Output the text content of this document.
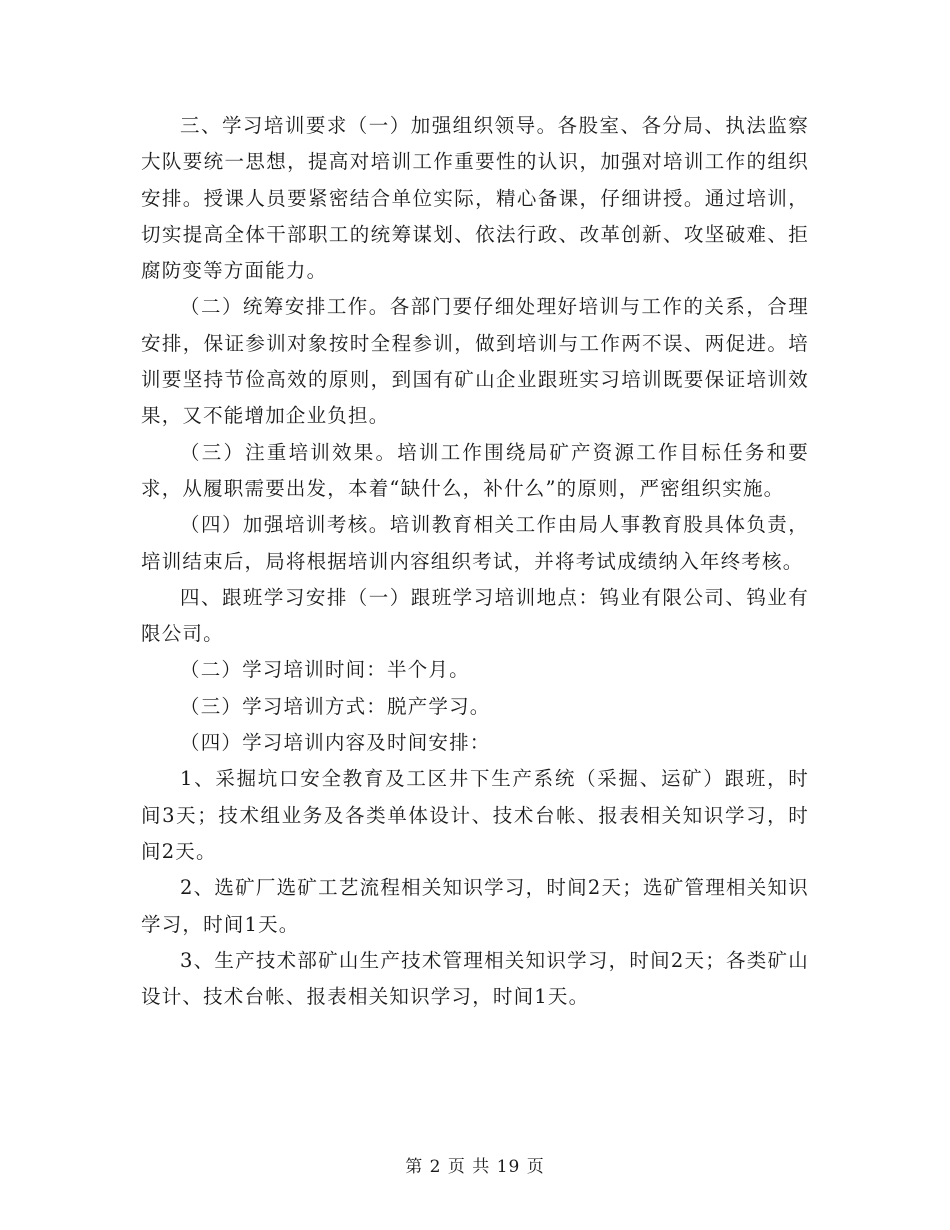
三、学习培训要求（一）加强组织领导。各股室、各分局、执法监察大队要统一思想，提高对培训工作重要性的认识，加强对培训工作的组织安排。授课人员要紧密结合单位实际，精心备课，仔细讲授。通过培训，切实提高全体干部职工的统筹谋划、依法行政、改革创新、攻坚破难、拒腐防变等方面能力。

（二）统筹安排工作。各部门要仔细处理好培训与工作的关系，合理安排，保证参训对象按时全程参训，做到培训与工作两不误、两促进。培训要坚持节俭高效的原则，到国有矿山企业跟班实习培训既要保证培训效果，又不能增加企业负担。

（三）注重培训效果。培训工作围绕局矿产资源工作目标任务和要求，从履职需要出发，本着“缺什么，补什么”的原则，严密组织实施。

（四）加强培训考核。培训教育相关工作由局人事教育股具体负责，培训结束后，局将根据培训内容组织考试，并将考试成绩纳入年终考核。

四、跟班学习安排（一）跟班学习培训地点：钨业有限公司、钨业有限公司。

（二）学习培训时间：半个月。

（三）学习培训方式：脱产学习。

（四）学习培训内容及时间安排：

1、采掘坑口安全教育及工区井下生产系统（采掘、运矿）跟班，时间3天；技术组业务及各类单体设计、技术台帐、报表相关知识学习，时间2天。

2、选矿厂选矿工艺流程相关知识学习，时间2天；选矿管理相关知识学习，时间1天。

3、生产技术部矿山生产技术管理相关知识学习，时间2天；各类矿山设计、技术台帐、报表相关知识学习，时间1天。

第 2 页 共 19 页
